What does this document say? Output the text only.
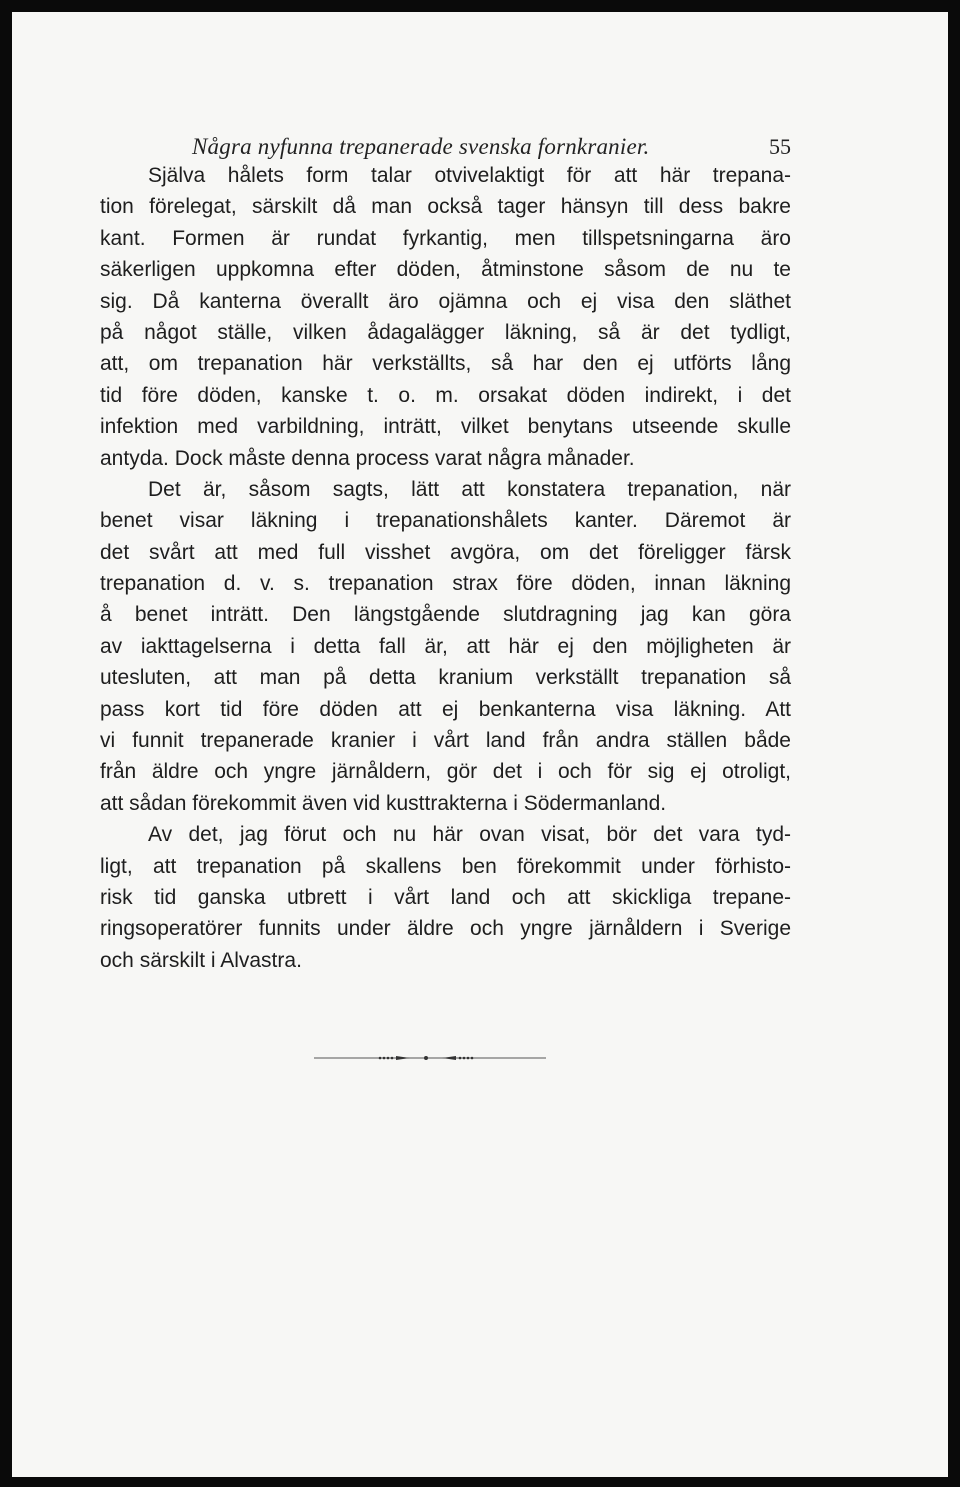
Några nyfunna trepanerade svenska fornkranier.	55
Själva hålets form talar otvivelaktigt för att här trepana-
tion förelegat, särskilt då man också tager hänsyn till dess bakre
kant. Formen är rundat fyrkantig, men tillspetsningarna äro
säkerligen uppkomna efter döden, åtminstone såsom de nu te
sig. Då kanterna överallt äro ojämna och ej visa den släthet
på något ställe, vilken ådagalägger läkning, så är det tydligt,
att, om trepanation här verkställts, så har den ej utförts lång
tid före döden, kanske t. o. m. orsakat döden indirekt, i det
infektion med varbildning, inträtt, vilket benytans utseende skulle
antyda. Dock måste denna process varat några månader.
Det är, såsom sagts, lätt att konstatera trepanation, när
benet visar läkning i trepanationshålets kanter. Däremot är
det svårt att med full visshet avgöra, om det föreligger färsk
trepanation d. v. s. trepanation strax före döden, innan läkning
å benet inträtt. Den längstgående slutdragning jag kan göra
av iakttagelserna i detta fall är, att här ej den möjligheten är
utesluten, att man på detta kranium verkställt trepanation så
pass kort tid före döden att ej benkanterna visa läkning. Att
vi funnit trepanerade kranier i vårt land från andra ställen både
från äldre och yngre järnåldern, gör det i och för sig ej otroligt,
att sådan förekommit även vid kusttrakterna i Södermanland.
Av det, jag förut och nu här ovan visat, bör det vara tyd-
ligt, att trepanation på skallens ben förekommit under förhisto-
risk tid ganska utbrett i vårt land och att skickliga trepane-
ringsoperatörer funnits under äldre och yngre järnåldern i Sverige
och särskilt i Alvastra.
